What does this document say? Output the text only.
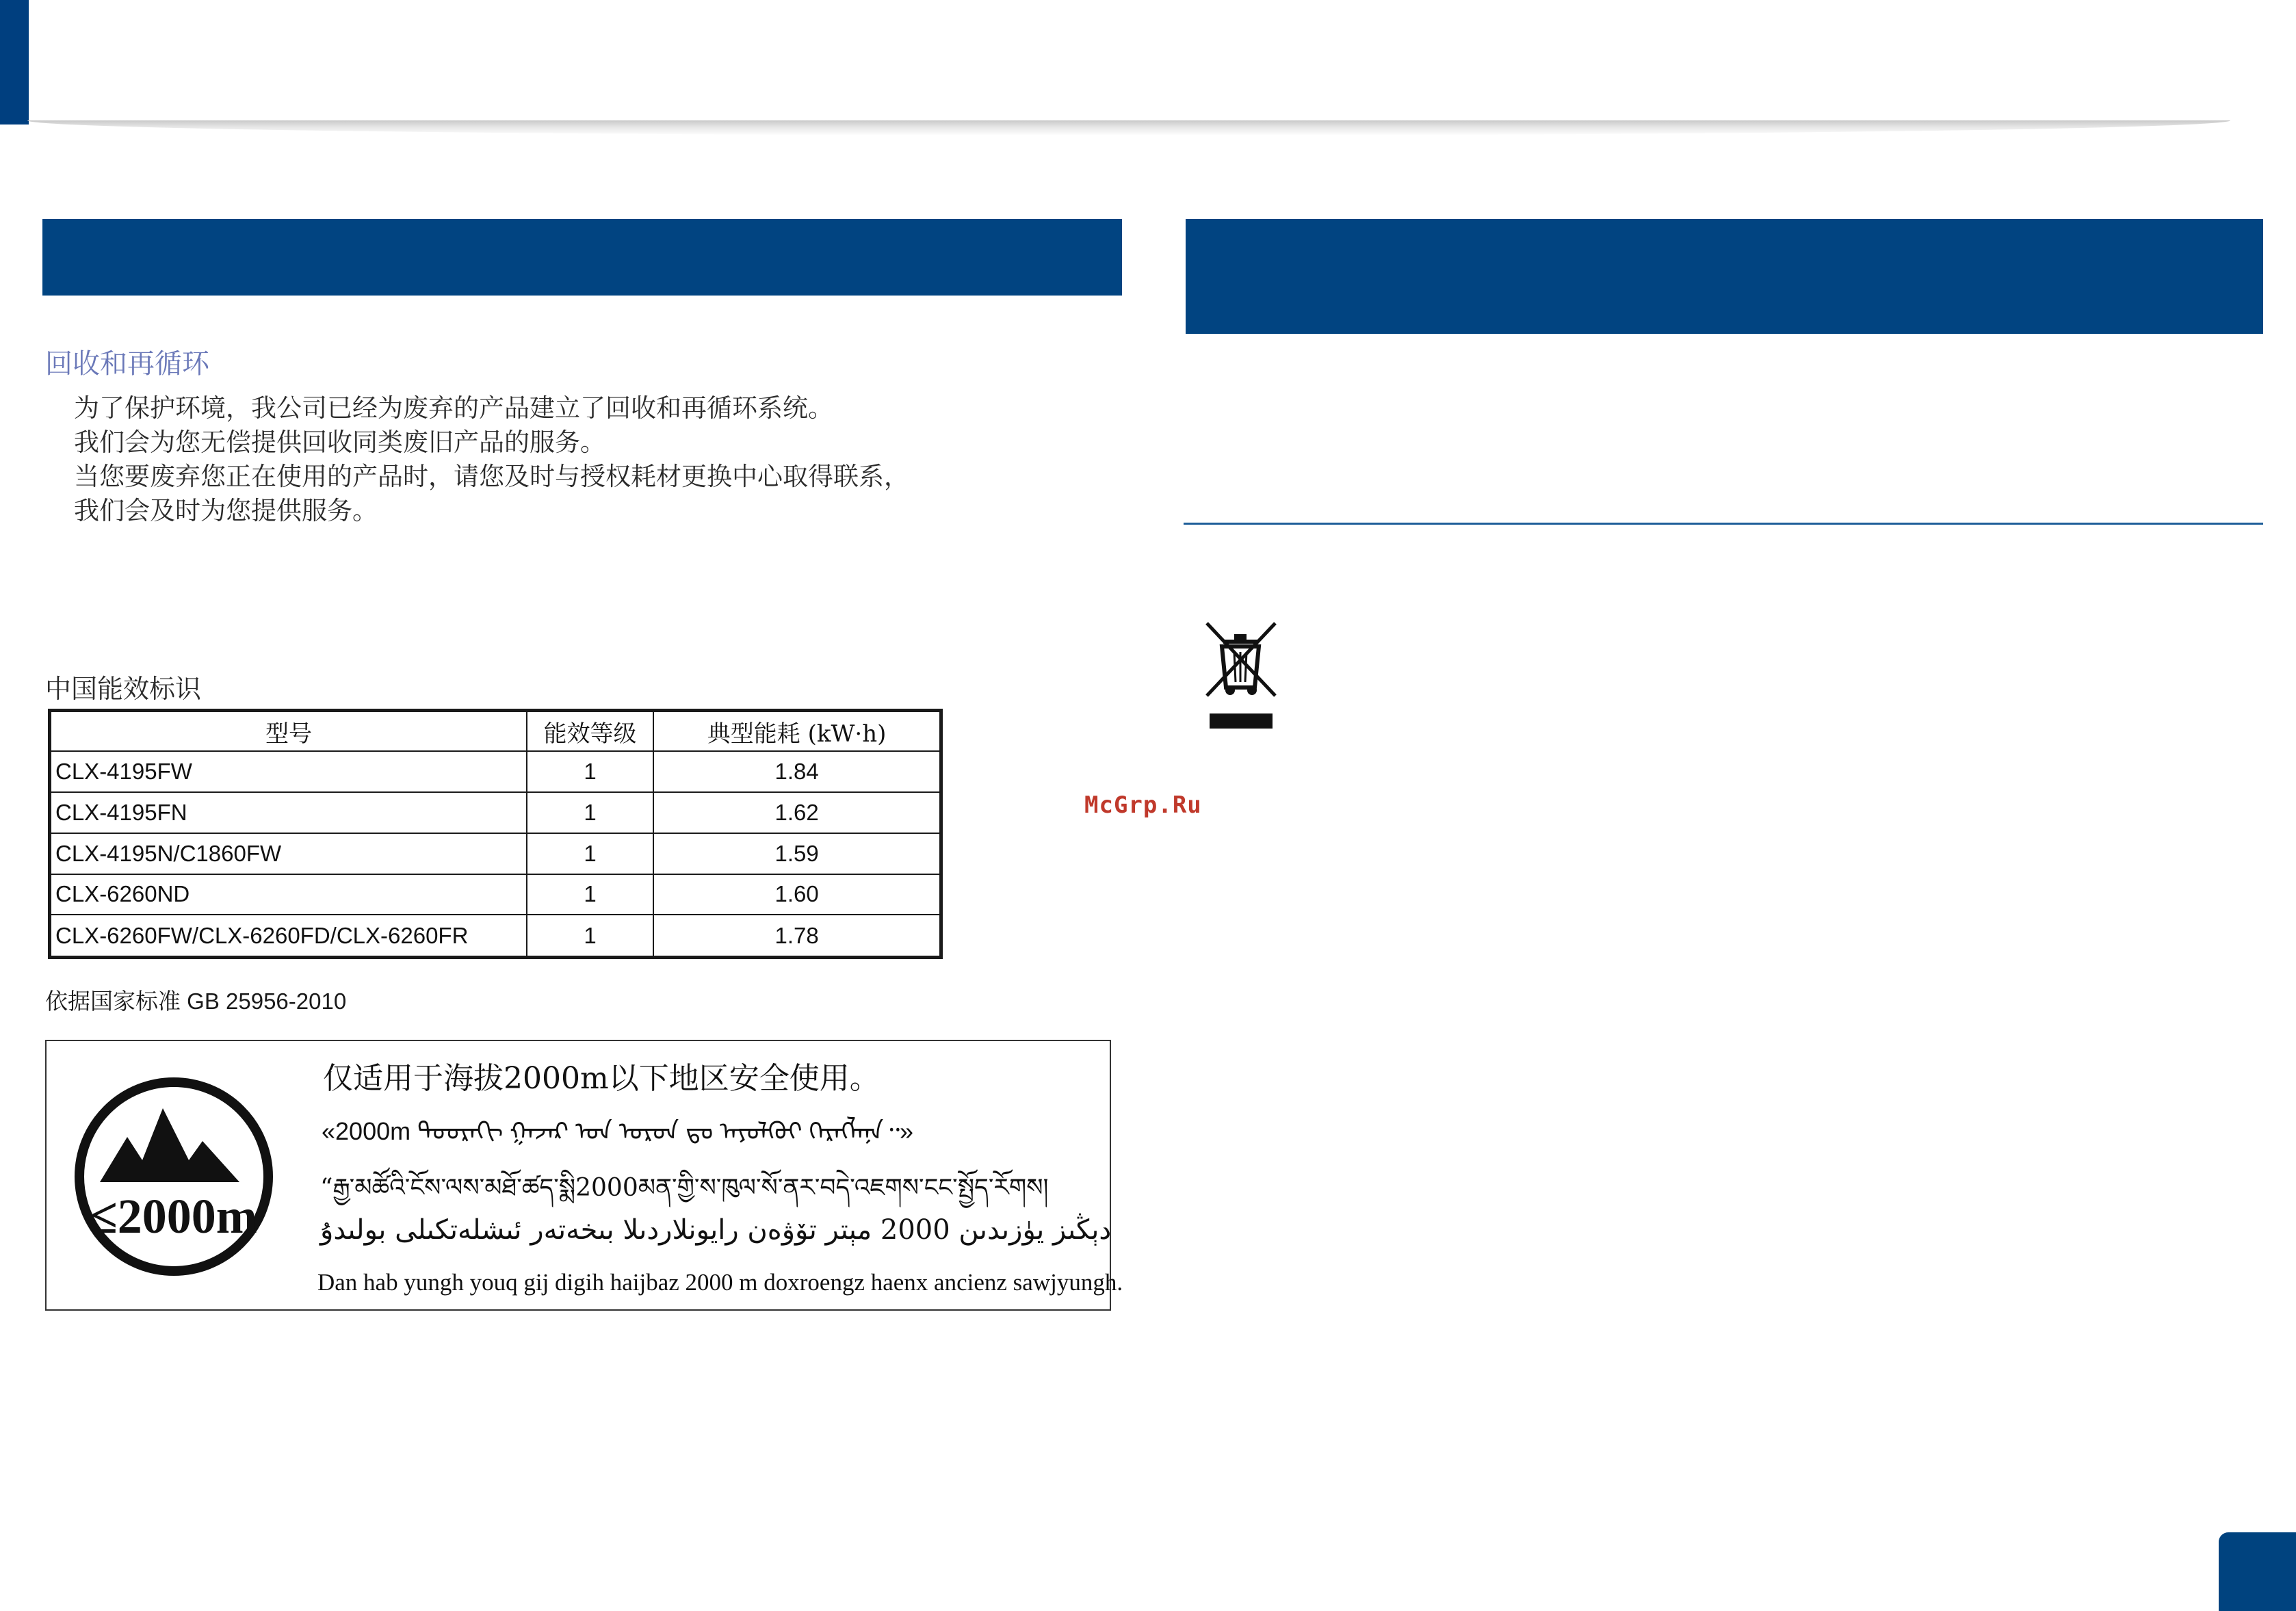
回收和再循环
为了保护环境，我公司已经为废弃的产品建立了回收和再循环系统。
我们会为您无偿提供回收同类废旧产品的服务。
当您要废弃您正在使用的产品时，请您及时与授权耗材更换中心取得联系，
我们会及时为您提供服务。
中国能效标识
型号	能效等级	典型能耗 (kW·h)
CLX-4195FW	1	1.84
CLX-4195FN	1	1.62
CLX-4195N/C1860FW	1	1.59
CLX-6260ND	1	1.60
CLX-6260FW/CLX-6260FD/CLX-6260FR	1	1.78
依据国家标准 GB 25956-2010
≤2000m
仅适用于海拔2000m以下地区安全使用。
«2000m ᠳᠣᠣᠷᠠᠬᠢ ᠭᠠᠵᠠᠷ ᠤᠨ ᠣᠷᠣᠨ ᠳᠤ ᠠᠶᠤᠯᠭᠦᠢ ᠬᠡᠷᠡᠭᠯᠡᠨᠡ᠃»
“རྒྱ་མཚོའི་ངོས་ལས་མཐོ་ཚད་སྨི2000མན་གྱི་ས་ཁུལ་སོ་ནར་བདེ་འཇགས་ངང་སྤྱོད་རོགས།
دېڭىز يۈزىدىن 2000 مېتر تۆۋەن رايونلاردىلا بىخەتەر ئىشلەتكىلى بولىدۇ
Dan hab yungh youq gij digih haijbaz 2000 m doxroengz haenx ancienz sawjyungh.
McGrp.Ru
